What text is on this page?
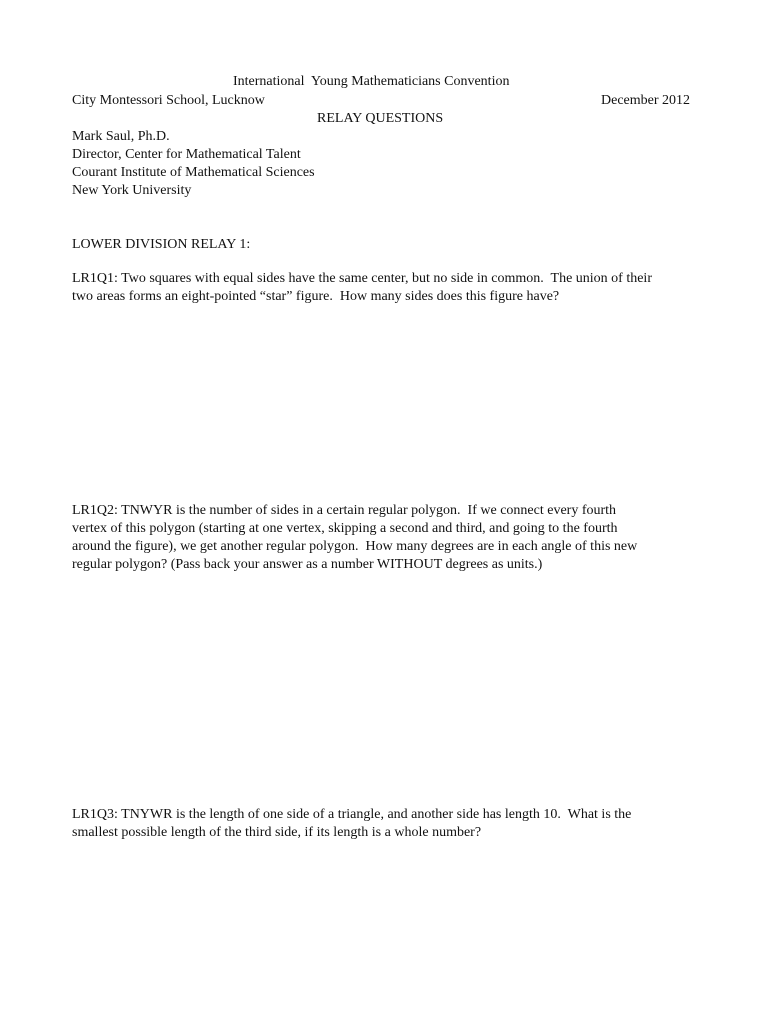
International  Young Mathematicians Convention
City Montessori School, Lucknow	December 2012
RELAY QUESTIONS
Mark Saul, Ph.D.
Director, Center for Mathematical Talent
Courant Institute of Mathematical Sciences
New York University
LOWER DIVISION RELAY 1:
LR1Q1: Two squares with equal sides have the same center, but no side in common.  The union of their
two areas forms an eight-pointed “star” figure.  How many sides does this figure have?
LR1Q2: TNWYR is the number of sides in a certain regular polygon.  If we connect every fourth
vertex of this polygon (starting at one vertex, skipping a second and third, and going to the fourth
around the figure), we get another regular polygon.  How many degrees are in each angle of this new
regular polygon? (Pass back your answer as a number WITHOUT degrees as units.)
LR1Q3: TNYWR is the length of one side of a triangle, and another side has length 10.  What is the
smallest possible length of the third side, if its length is a whole number?
